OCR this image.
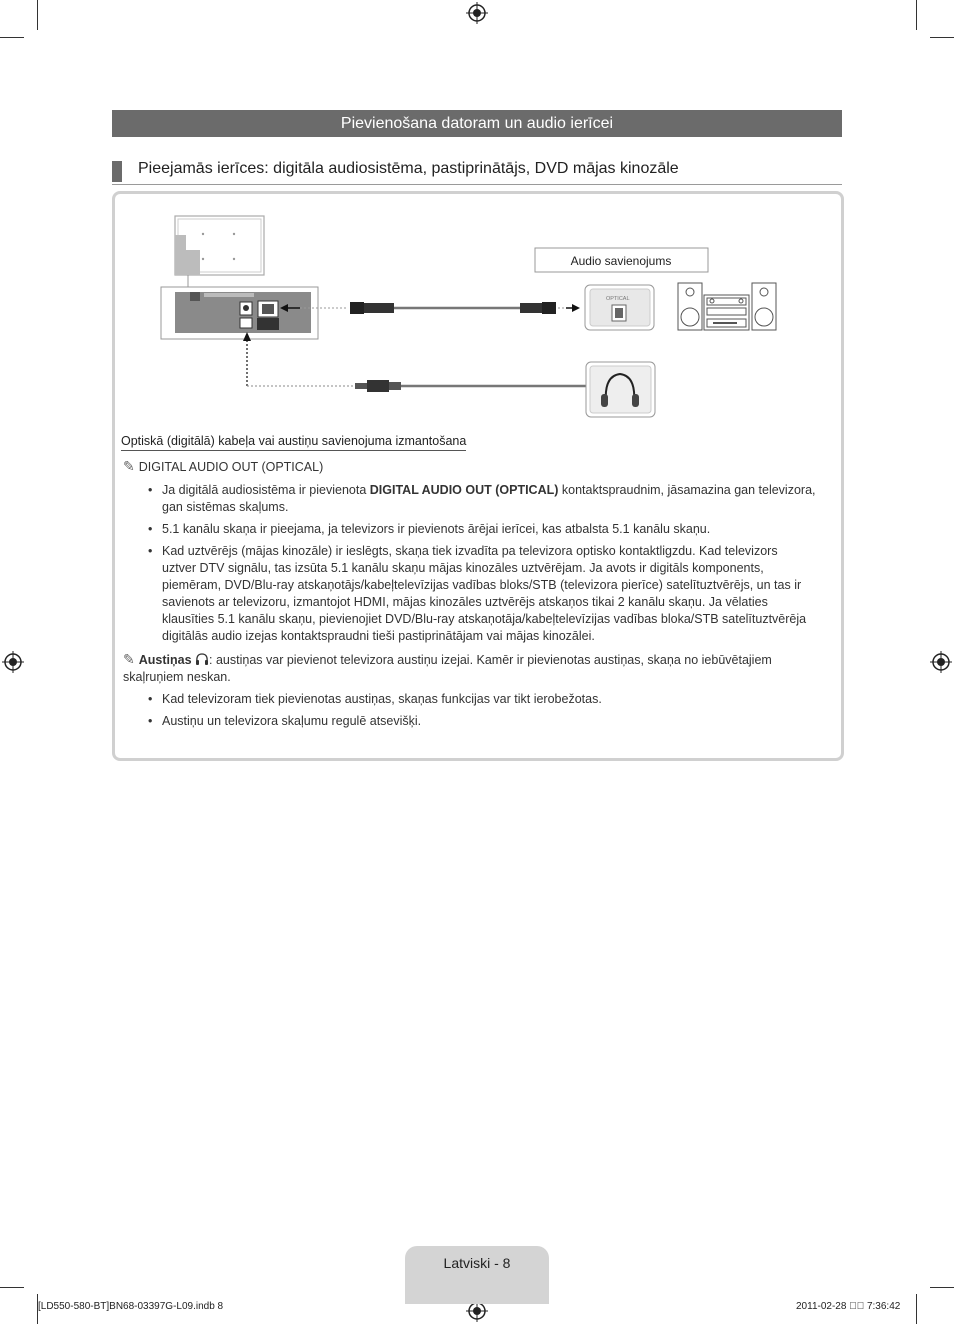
Pievienošana datoram un audio ierīcei
Pieejamās ierīces: digitāla audiosistēma, pastiprinātājs, DVD mājas kinozāle
OPTICAL
Audio savienojums
Optiskā (digitālā) kabeļa vai austiņu savienojuma izmantošana
✎ DIGITAL AUDIO OUT (OPTICAL)
• Ja digitālā audiosistēma ir pievienota DIGITAL AUDIO OUT (OPTICAL) kontaktspraudnim, jāsamazina gan televizora, gan sistēmas skaļums.
• 5.1 kanālu skaņa ir pieejama, ja televizors ir pievienots ārējai ierīcei, kas atbalsta 5.1 kanālu skaņu.
• Kad uztvērējs (mājas kinozāle) ir ieslēgts, skaņa tiek izvadīta pa televizora optisko kontaktligzdu. Kad televizors uztver DTV signālu, tas izsūta 5.1 kanālu skaņu mājas kinozāles uztvērējam. Ja avots ir digitāls komponents, piemēram, DVD/Blu-ray atskaņotājs/kabeļtelevīzijas vadības bloks/STB (televizora pierīce) satelītuztvērējs, un tas ir savienots ar televizoru, izmantojot HDMI, mājas kinozāles uztvērējs atskaņos tikai 2 kanālu skaņu. Ja vēlaties klausīties 5.1 kanālu skaņu, pievienojiet DVD/Blu-ray atskaņotāja/kabeļtelevīzijas vadības bloka/STB satelītuztvērēja digitālās audio izejas kontaktspraudni tieši pastiprinātājam vai mājas kinozālei.
✎ Austiņas : austiņas var pievienot televizora austiņu izejai. Kamēr ir pievienotas austiņas, skaņa no iebūvētajiem skaļruņiem neskan.
• Kad televizoram tiek pievienotas austiņas, skaņas funkcijas var tikt ierobežotas.
• Austiņu un televizora skaļumu regulē atsevišķi.
Latviski - 8
[LD550-580-BT]BN68-03397G-L09.indb 8	2011-02-28 ￿￿ 7:36:42
